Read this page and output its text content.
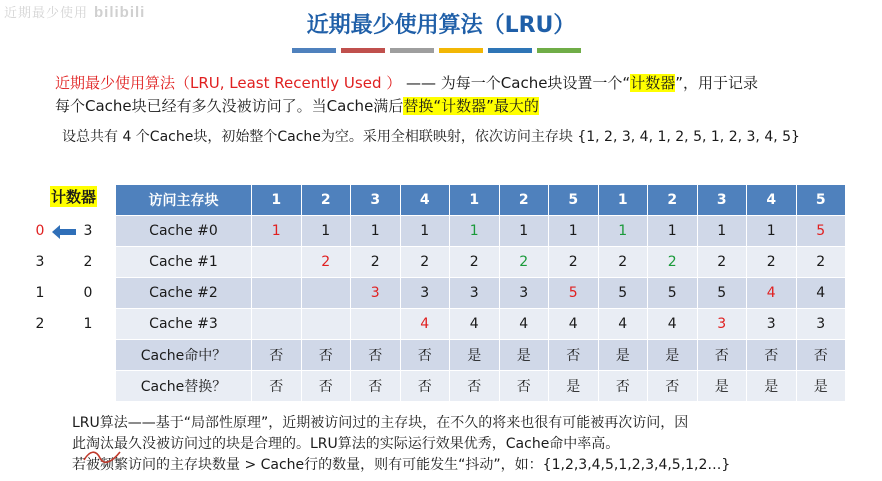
近期最少使用 bilibili
近期最少使用算法（LRU）
近期最少使用算法（LRU, Least Recently Used ） —— 为每一个Cache块设置一个“计数器”，用于记录
每个Cache块已经有多久没被访问了。当Cache满后替换“计数器”最大的
设总共有 4 个Cache块，初始整个Cache为空。采用全相联映射，依次访问主存块 {1, 2, 3, 4, 1, 2, 5, 1, 2, 3, 4, 5}
计数器
0	3
3	2
1	0
2	1
访问主存块	1	2	3	4	1	2	5	1	2	3	4	5
Cache #0	1	1	1	1	1	1	1	1	1	1	1	5
Cache #1		2	2	2	2	2	2	2	2	2	2	2
Cache #2			3	3	3	3	5	5	5	5	4	4
Cache #3				4	4	4	4	4	4	3	3	3
Cache命中？	否	否	否	否	是	是	否	是	是	否	否	否
Cache替换？	否	否	否	否	否	否	是	否	否	是	是	是
LRU算法——基于“局部性原理”，近期被访问过的主存块，在不久的将来也很有可能被再次访问，因
此淘汰最久没被访问过的块是合理的。LRU算法的实际运行效果优秀，Cache命中率高。
若被频繁访问的主存块数量 > Cache行的数量，则有可能发生“抖动”，如：{1,2,3,4,5,1,2,3,4,5,1,2…}
